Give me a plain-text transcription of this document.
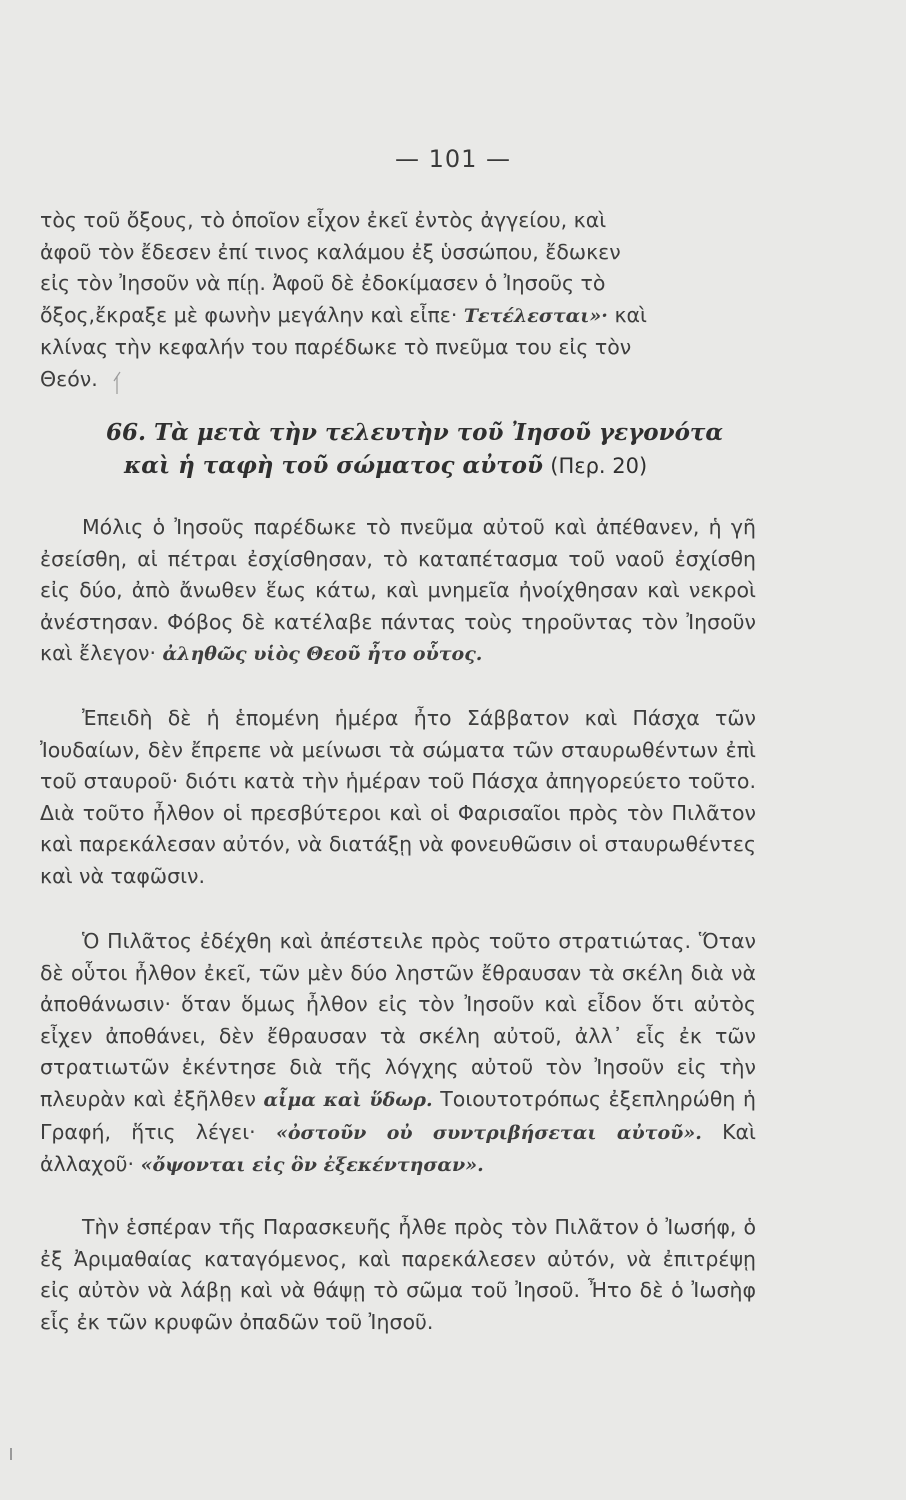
— 101 —
τὸς τοῦ ὄξους, τὸ ὁποῖον εἶχον ἐκεῖ ἐντὸς ἀγγείου, καὶ
ἀφοῦ τὸν ἔδεσεν ἐπί τινος καλάμου ἐξ ὑσσώπου, ἔδωκεν
εἰς τὸν Ἰησοῦν νὰ πίῃ. Ἀφοῦ δὲ ἐδοκίμασεν ὁ Ἰησοῦς τὸ
ὄξος,ἔκραξε μὲ φωνὴν μεγάλην καὶ εἶπε· Τετέλεσται»· καὶ
κλίνας τὴν κεφαλήν του παρέδωκε τὸ πνεῦμα του εἰς τὸν
Θεόν.
66. Τὰ μετὰ τὴν τελευτὴν τοῦ Ἰησοῦ γεγονότα
καὶ ἡ ταφὴ τοῦ σώματος αὐτοῦ (Περ. 20)

Μόλις ὁ Ἰησοῦς παρέδωκε τὸ πνεῦμα αὐτοῦ καὶ ἀπέθανεν, ἡ γῆ ἐσείσθη, αἱ πέτραι ἐσχίσθησαν, τὸ καταπέτασμα τοῦ ναοῦ ἐσχίσθη εἰς δύο, ἀπὸ ἄνωθεν ἕως κάτω, καὶ μνημεῖα ἠνοίχθησαν καὶ νεκροὶ ἀνέστησαν. Φόβος δὲ κατέλαβε πάντας τοὺς τηροῦντας τὸν Ἰησοῦν καὶ ἔλεγον· ἀληθῶς υἱὸς Θεοῦ ἦτο οὗτος.

Ἐπειδὴ δὲ ἡ ἑπομένη ἡμέρα ἦτο Σάββατον καὶ Πάσχα τῶν Ἰουδαίων, δὲν ἔπρεπε νὰ μείνωσι τὰ σώματα τῶν σταυρωθέντων ἐπὶ τοῦ σταυροῦ· διότι κατὰ τὴν ἡμέραν τοῦ Πάσχα ἀπηγορεύετο τοῦτο. Διὰ τοῦτο ἦλθον οἱ πρεσβύτεροι καὶ οἱ Φαρισαῖοι πρὸς τὸν Πιλᾶτον καὶ παρεκάλεσαν αὐτόν, νὰ διατάξῃ νὰ φονευθῶσιν οἱ σταυρωθέντες καὶ νὰ ταφῶσιν.

Ὁ Πιλᾶτος ἐδέχθη καὶ ἀπέστειλε πρὸς τοῦτο στρατιώτας. Ὅταν δὲ οὗτοι ἦλθον ἐκεῖ, τῶν μὲν δύο ληστῶν ἔθραυσαν τὰ σκέλη διὰ νὰ ἀποθάνωσιν· ὅταν ὅμως ἦλθον εἰς τὸν Ἰησοῦν καὶ εἶδον ὅτι αὐτὸς εἶχεν ἀποθάνει, δὲν ἔθραυσαν τὰ σκέλη αὐτοῦ, ἀλλ᾽ εἷς ἐκ τῶν στρατιωτῶν ἐκέντησε διὰ τῆς λόγχης αὐτοῦ τὸν Ἰησοῦν εἰς τὴν πλευρὰν καὶ ἐξῆλθεν αἷμα καὶ ὕδωρ. Τοιουτοτρόπως ἐξεπληρώθη ἡ Γραφή, ἥτις λέγει· «ὀστοῦν οὐ συντριβήσεται αὐτοῦ». Καὶ ἀλλαχοῦ· «ὄψονται εἰς ὃν ἐξεκέντησαν».

Τὴν ἑσπέραν τῆς Παρασκευῆς ἦλθε πρὸς τὸν Πιλᾶτον ὁ Ἰωσήφ, ὁ ἐξ Ἀριμαθαίας καταγόμενος, καὶ παρεκάλεσεν αὐτόν, νὰ ἐπιτρέψῃ εἰς αὐτὸν νὰ λάβῃ καὶ νὰ θάψῃ τὸ σῶμα τοῦ Ἰησοῦ. Ἦτο δὲ ὁ Ἰωσὴφ εἷς ἐκ τῶν κρυφῶν ὀπαδῶν τοῦ Ἰησοῦ.
